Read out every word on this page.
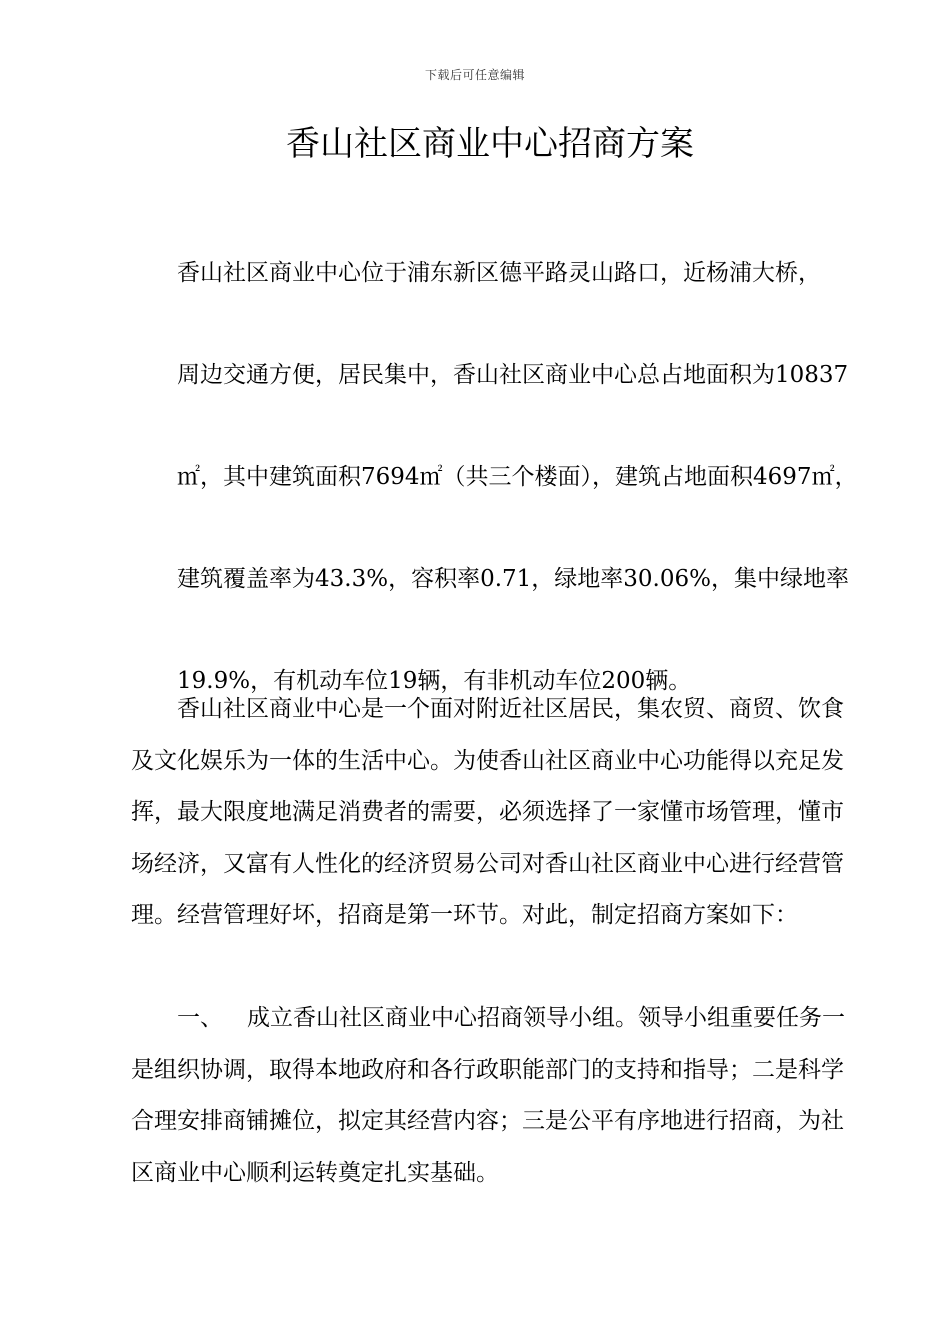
下载后可任意编辑
香山社区商业中心招商方案
香山社区商业中心位于浦东新区德平路灵山路口，近杨浦大桥，
周边交通方便，居民集中，香山社区商业中心总占地面积为10837
㎡，其中建筑面积7694㎡（共三个楼面），建筑占地面积4697㎡，
建筑覆盖率为43.3%，容积率0.71，绿地率30.06%，集中绿地率
19.9%，有机动车位19辆，有非机动车位200辆。

香山社区商业中心是一个面对附近社区居民，集农贸、商贸、饮食及文化娱乐为一体的生活中心。为使香山社区商业中心功能得以充足发挥，最大限度地满足消费者的需要，必须选择了一家懂市场管理，懂市场经济，又富有人性化的经济贸易公司对香山社区商业中心进行经营管理。经营管理好坏，招商是第一环节。对此，制定招商方案如下：

一、 成立香山社区商业中心招商领导小组。领导小组重要任务一是组织协调，取得本地政府和各行政职能部门的支持和指导；二是科学合理安排商铺摊位，拟定其经营内容；三是公平有序地进行招商，为社区商业中心顺利运转奠定扎实基础。
